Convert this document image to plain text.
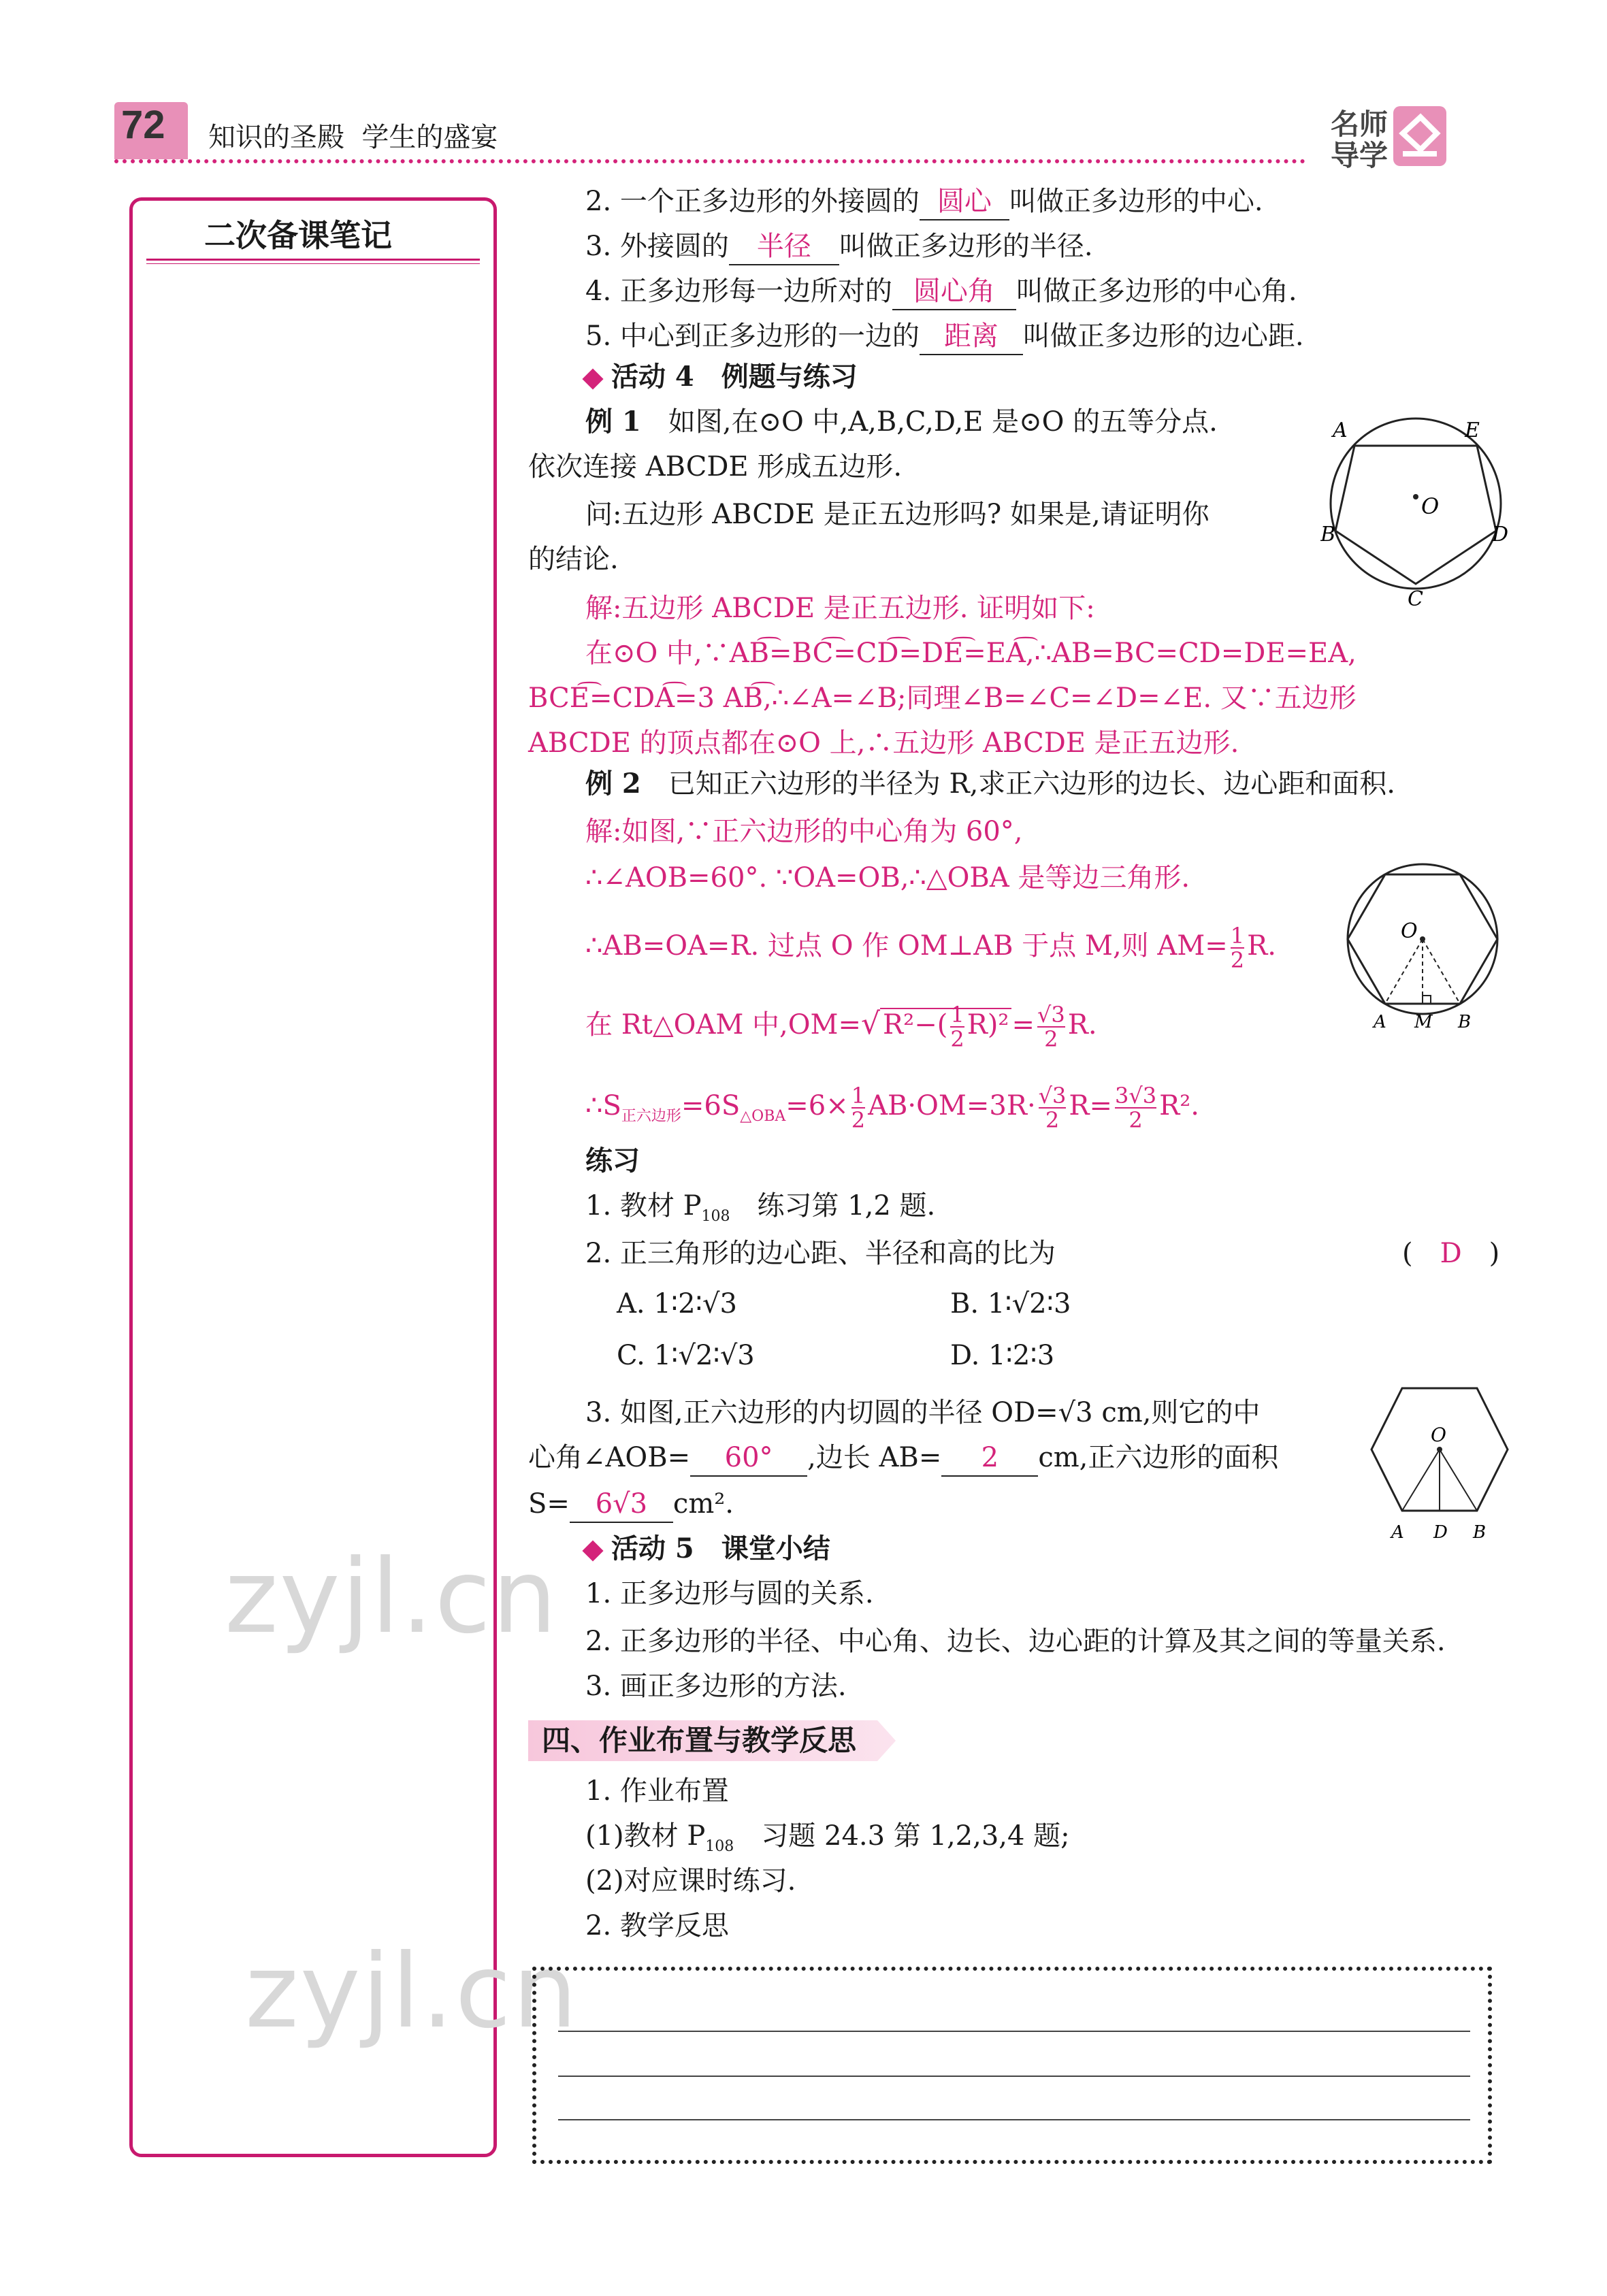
72 知识的圣殿  学生的盛宴	名师
导学
二次备课笔记
zyjl.cn
zyjl.cn
2. 一个正多边形的外接圆的 圆心 叫做正多边形的中心.
3. 外接圆的 半径 叫做正多边形的半径.
4. 正多边形每一边所对的 圆心角 叫做正多边形的中心角.
5. 中心到正多边形的一边的 距离 叫做正多边形的边心距.
活动 4　例题与练习
例 1　 如图,在⊙O 中,A,B,C,D,E 是⊙O 的五等分点.
依次连接 ABCDE 形成五边形.
问:五边形 ABCDE 是正五边形吗? 如果是,请证明你
的结论.
O
A	E
B	D
C
解:五边形 ABCDE 是正五边形. 证明如下:
在⊙O 中,∵AB͡=BC͡=CD͡=DE͡=EA͡,∴AB=BC=CD=DE=EA,
BCE͡=CDA͡=3 AB͡,∴∠A=∠B;同理∠B=∠C=∠D=∠E. 又∵五边形
ABCDE 的顶点都在⊙O 上,∴五边形 ABCDE 是正五边形.
例 2　 已知正六边形的半径为 R,求正六边形的边长、边心距和面积.
解:如图,∵正六边形的中心角为 60°,
∴∠AOB=60°. ∵OA=OB,∴△OBA 是等边三角形.
∴AB=OA=R. 过点 O 作 OM⊥AB 于点 M,则 $AM= \frac{1}{2} R$.
在 Rt△OAM 中,OM=√ $R^2-( \frac{1}{2} R)^2 = \frac{√3}{2} R$.
$\therefore S_{正六边形}=6S_{\triangle OBA}=6\times \frac{1}{2} AB\cdot OM=3R\cdot \frac{√3}{2} R= \frac{3√3}{2} R^2$.
O
A M B
练习
1. 教材 $P_{108}$　练习第 1,2 题.
2. 正三角形的边心距、半径和高的比为	(　D　)
A. 1∶2∶√3	B. 1∶√2∶3
C. 1∶√2∶√3	D. 1∶2∶3
3. 如图,正六边形的内切圆的半径 OD=√3 cm,则它的中
心角∠AOB= 60° ,边长 AB= 2 cm,正六边形的面积
S= 6√3 cm².
O
A D B
活动 5　课堂小结
1. 正多边形与圆的关系.
2. 正多边形的半径、中心角、边长、边心距的计算及其之间的等量关系.
3. 画正多边形的方法.
四、作业布置与教学反思
1. 作业布置
(1)教材 $P_{108}$　习题 24.3 第 1,2,3,4 题;
(2)对应课时练习.
2. 教学反思
